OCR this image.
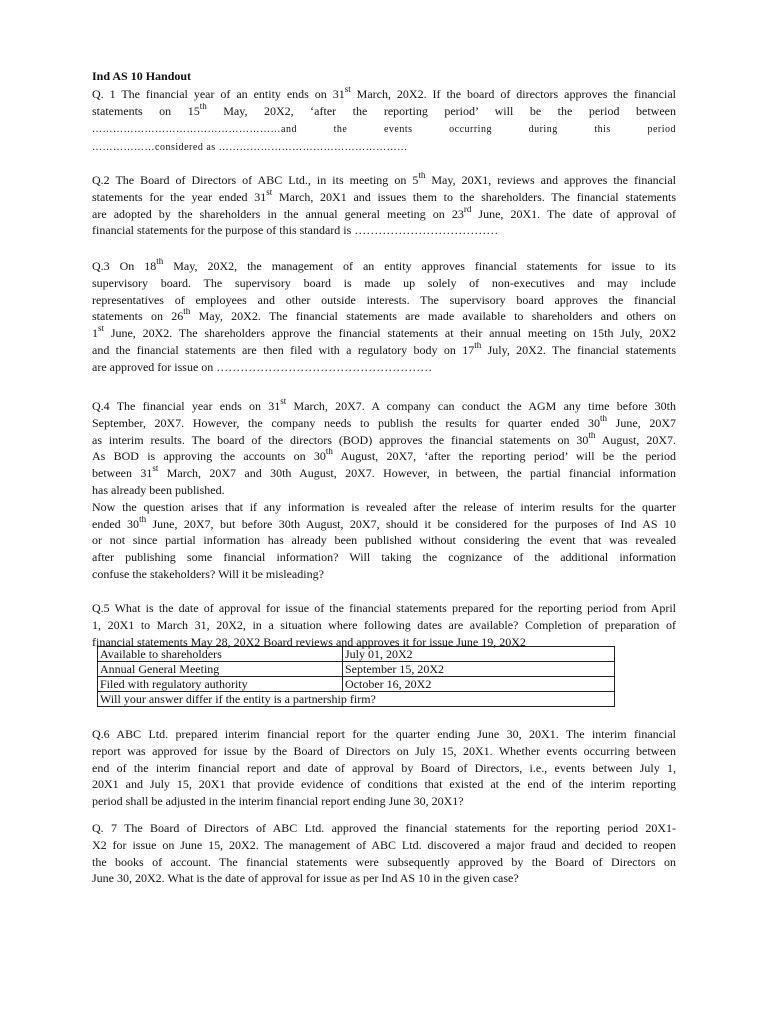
Ind AS 10 Handout
Q. 1 The financial year of an entity ends on 31st March, 20X2. If the board of directors approves the financial
statements on 15th May, 20X2, ‘after the reporting period’ will be the period between
………………………………………………and the events occurring during this period
………………considered as ………………………………………………
Q.2 The Board of Directors of ABC Ltd., in its meeting on 5th May, 20X1, reviews and approves the financial
statements for the year ended 31st March, 20X1 and issues them to the shareholders. The financial statements
are adopted by the shareholders in the annual general meeting on 23rd June, 20X1. The date of approval of
financial statements for the purpose of this standard is ………………………………
Q.3 On 18th May, 20X2, the management of an entity approves financial statements for issue to its
supervisory board. The supervisory board is made up solely of non-executives and may include
representatives of employees and other outside interests. The supervisory board approves the financial
statements on 26th May, 20X2. The financial statements are made available to shareholders and others on
1st June, 20X2. The shareholders approve the financial statements at their annual meeting on 15th July, 20X2
and the financial statements are then filed with a regulatory body on 17th July, 20X2. The financial statements
are approved for issue on ………………………………………………
Q.4 The financial year ends on 31st March, 20X7. A company can conduct the AGM any time before 30th
September, 20X7. However, the company needs to publish the results for quarter ended 30th June, 20X7
as interim results. The board of the directors (BOD) approves the financial statements on 30th August, 20X7.
As BOD is approving the accounts on 30th August, 20X7, ‘after the reporting period’ will be the period
between 31st March, 20X7 and 30th August, 20X7. However, in between, the partial financial information
has already been published.
Now the question arises that if any information is revealed after the release of interim results for the quarter
ended 30th June, 20X7, but before 30th August, 20X7, should it be considered for the purposes of Ind AS 10
or not since partial information has already been published without considering the event that was revealed
after publishing some financial information? Will taking the cognizance of the additional information
confuse the stakeholders? Will it be misleading?
Q.5 What is the date of approval for issue of the financial statements prepared for the reporting period from April
1, 20X1 to March 31, 20X2, in a situation where following dates are available? Completion of preparation of
financial statements May 28, 20X2 Board reviews and approves it for issue June 19, 20X2
Available to shareholders	July 01, 20X2
Annual General Meeting	September 15, 20X2
Filed with regulatory authority	October 16, 20X2
Will your answer differ if the entity is a partnership firm?	
Q.6 ABC Ltd. prepared interim financial report for the quarter ending June 30, 20X1. The interim financial
report was approved for issue by the Board of Directors on July 15, 20X1. Whether events occurring between
end of the interim financial report and date of approval by Board of Directors, i.e., events between July 1,
20X1 and July 15, 20X1 that provide evidence of conditions that existed at the end of the interim reporting
period shall be adjusted in the interim financial report ending June 30, 20X1?
Q. 7 The Board of Directors of ABC Ltd. approved the financial statements for the reporting period 20X1-
X2 for issue on June 15, 20X2. The management of ABC Ltd. discovered a major fraud and decided to reopen
the books of account. The financial statements were subsequently approved by the Board of Directors on
June 30, 20X2. What is the date of approval for issue as per Ind AS 10 in the given case?
